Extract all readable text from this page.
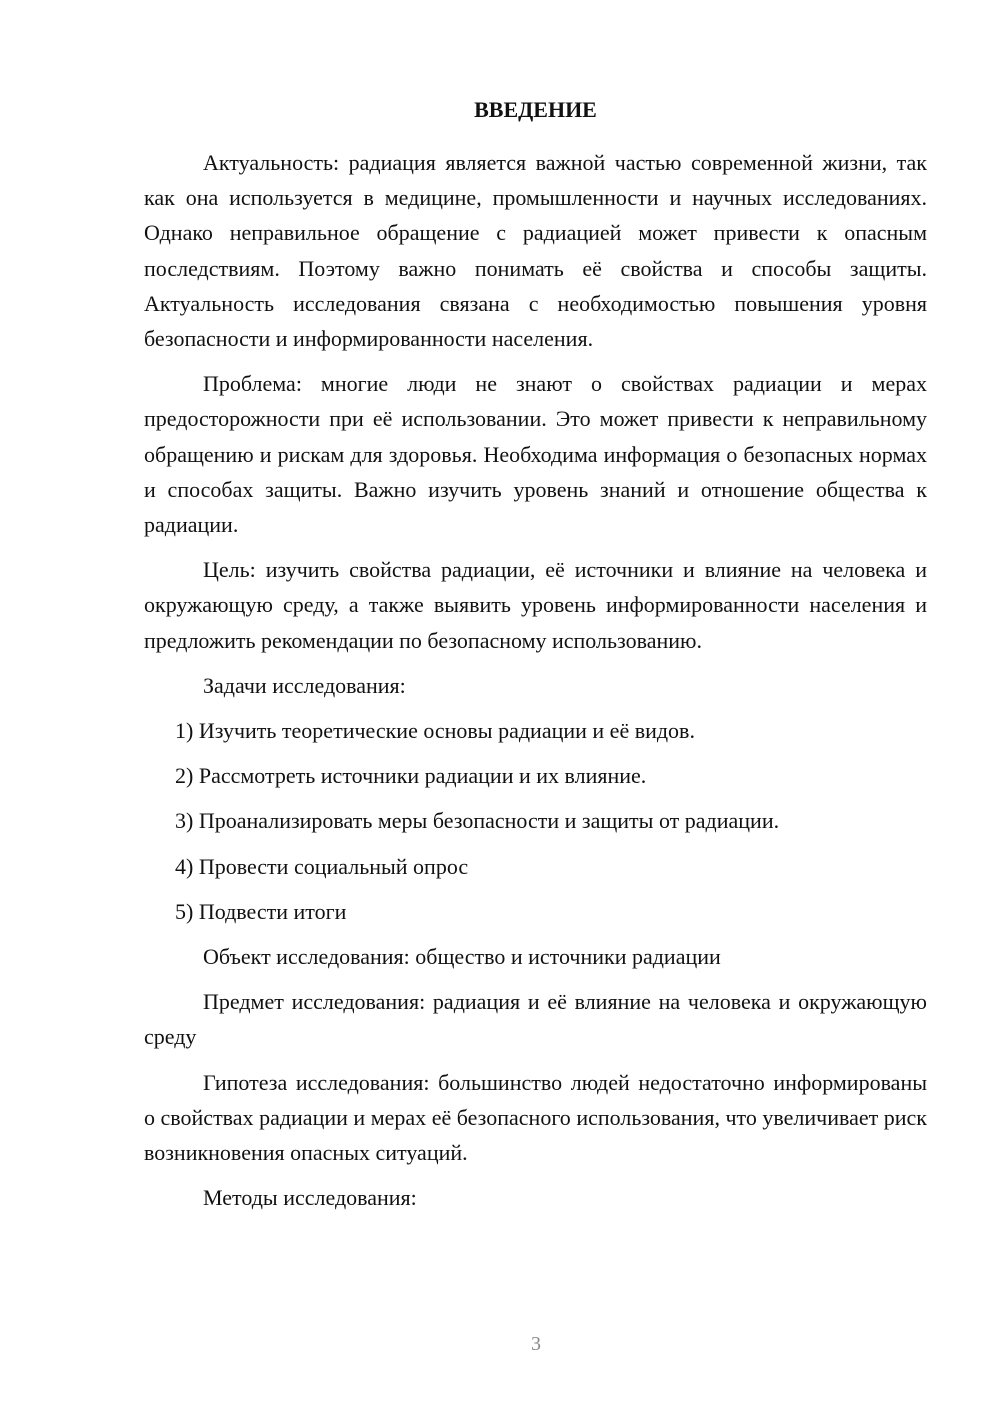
ВВЕДЕНИЕ

Актуальность: радиация является важной частью современной жизни, так как она используется в медицине, промышленности и научных исследованиях. Однако неправильное обращение с радиацией может привести к опасным последствиям. Поэтому важно понимать её свойства и способы защиты. Актуальность исследования связана с необходимостью повышения уровня безопасности и информированности населения.

Проблема: многие люди не знают о свойствах радиации и мерах предосторожности при её использовании. Это может привести к неправильному обращению и рискам для здоровья. Необходима информация о безопасных нормах и способах защиты. Важно изучить уровень знаний и отношение общества к радиации.

Цель: изучить свойства радиации, её источники и влияние на человека и окружающую среду, а также выявить уровень информированности населения и предложить рекомендации по безопасному использованию.

Задачи исследования:

1) Изучить теоретические основы радиации и её видов.
2) Рассмотреть источники радиации и их влияние.
3) Проанализировать меры безопасности и защиты от радиации.
4) Провести социальный опрос
5) Подвести итоги

Объект исследования: общество и источники радиации

Предмет исследования: радиация и её влияние на человека и окружающую среду

Гипотеза исследования: большинство людей недостаточно информированы о свойствах радиации и мерах её безопасного использования, что увеличивает риск возникновения опасных ситуаций.

Методы исследования:

3
